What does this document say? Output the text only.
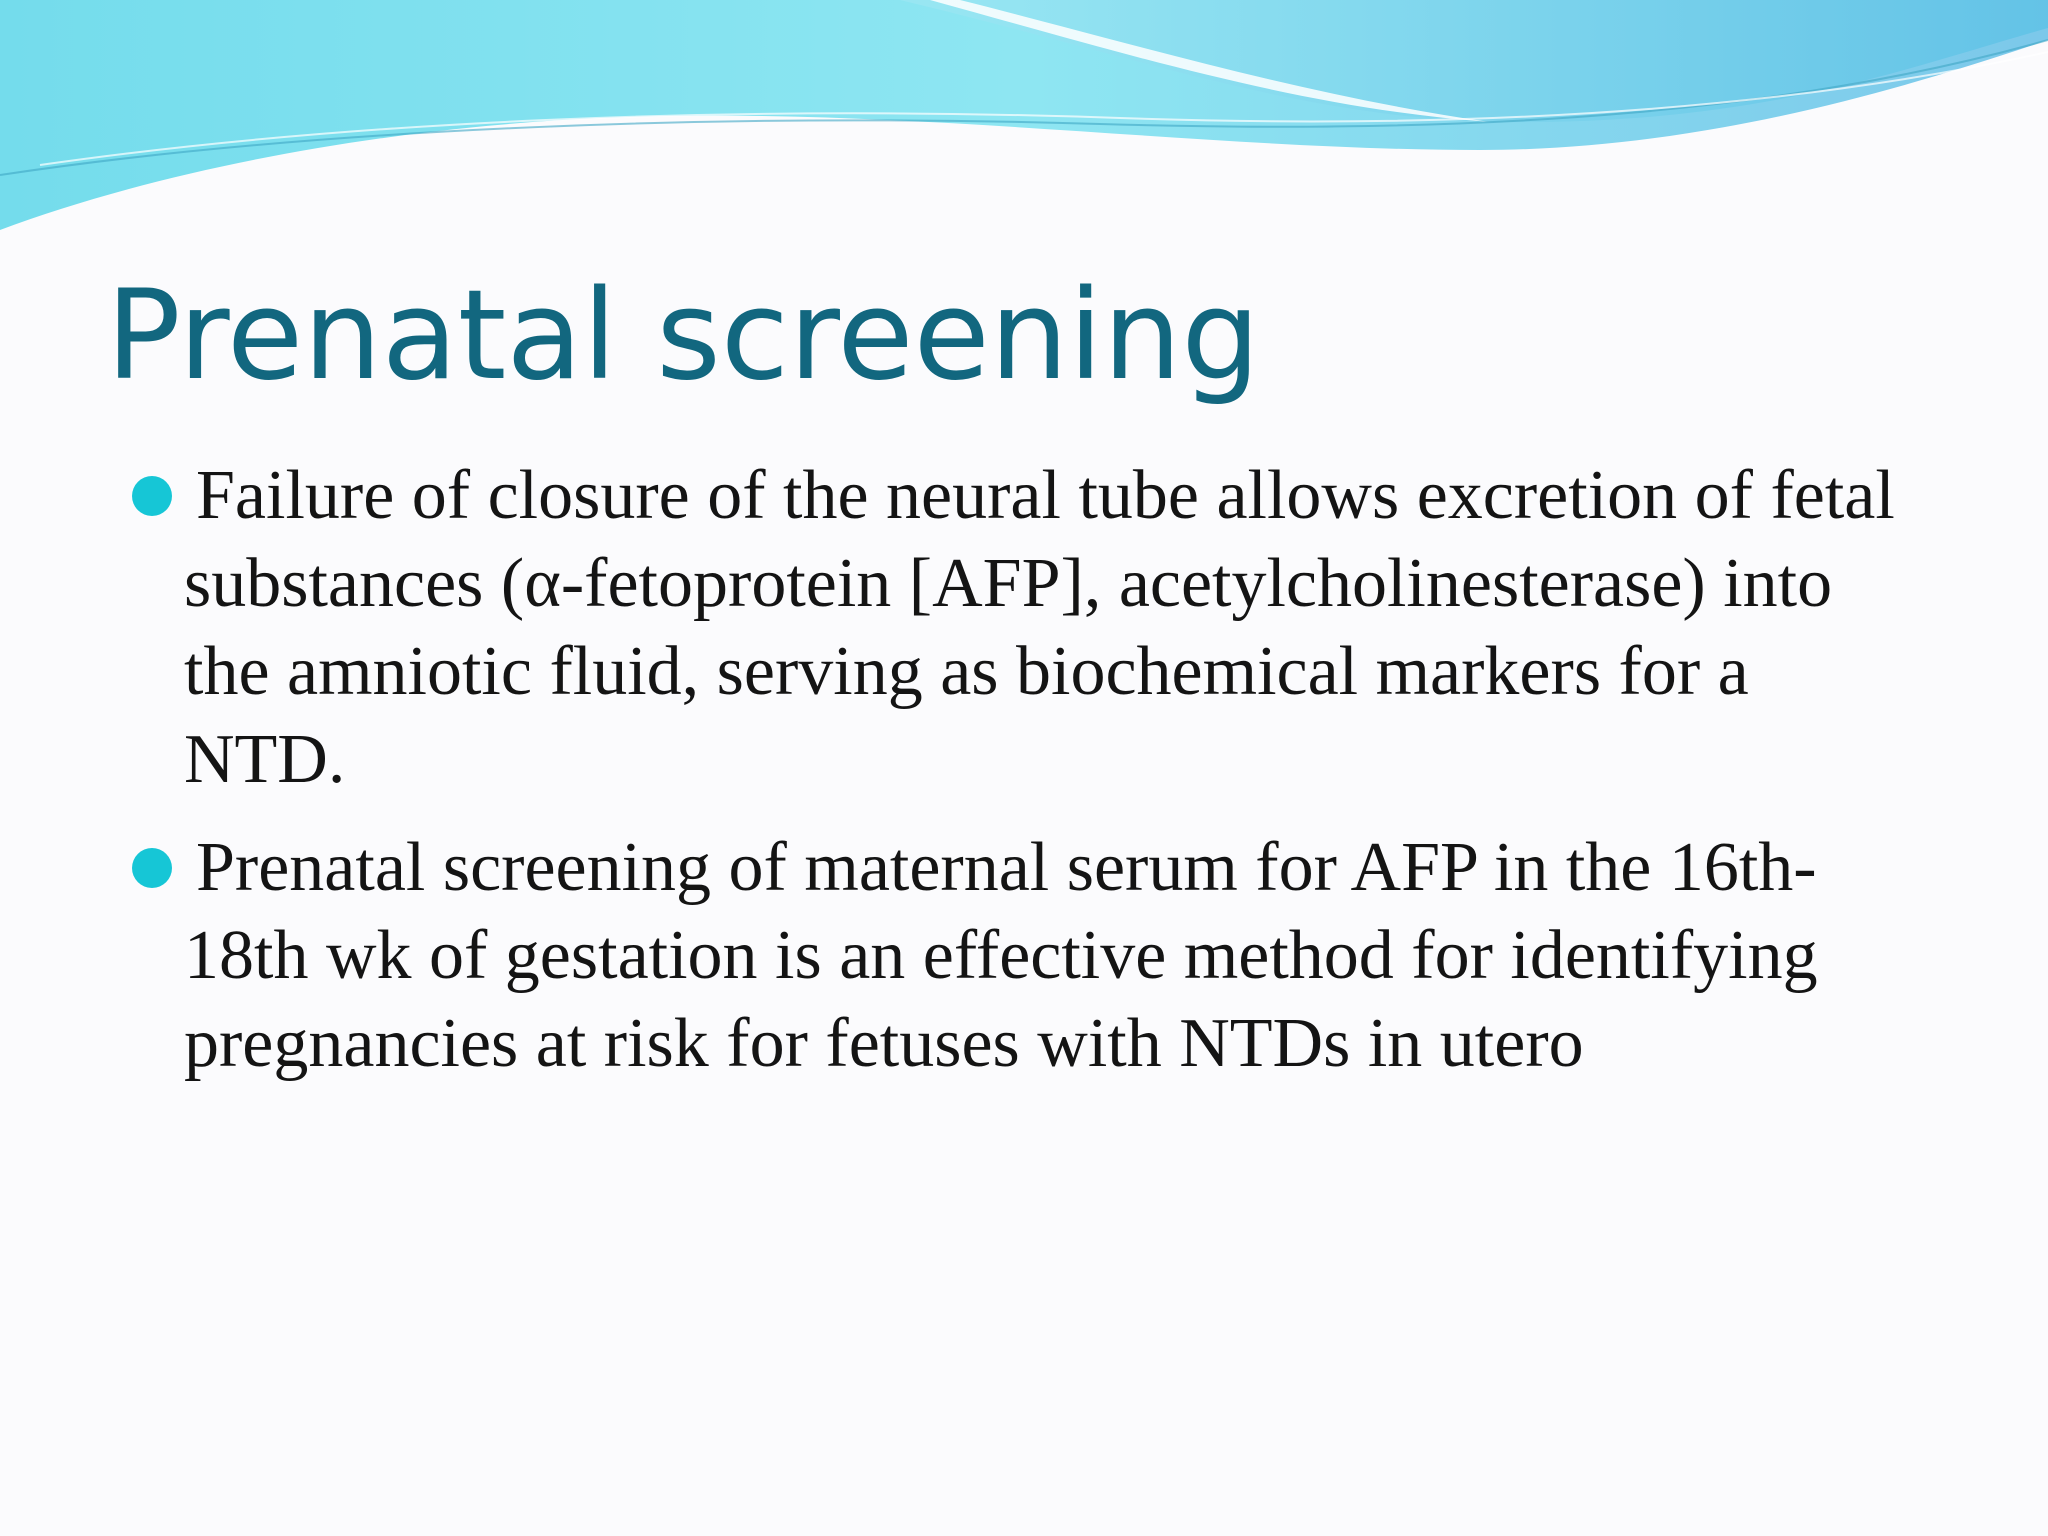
Prenatal screening
Failure of closure of the neural tube allows excretion of fetal substances (α-fetoprotein [AFP], acetylcholinesterase) into the amniotic fluid, serving as biochemical markers for a NTD.
Prenatal screening of maternal serum for AFP in the 16th-18th wk of gestation is an effective method for identifying pregnancies at risk for fetuses with NTDs in utero
